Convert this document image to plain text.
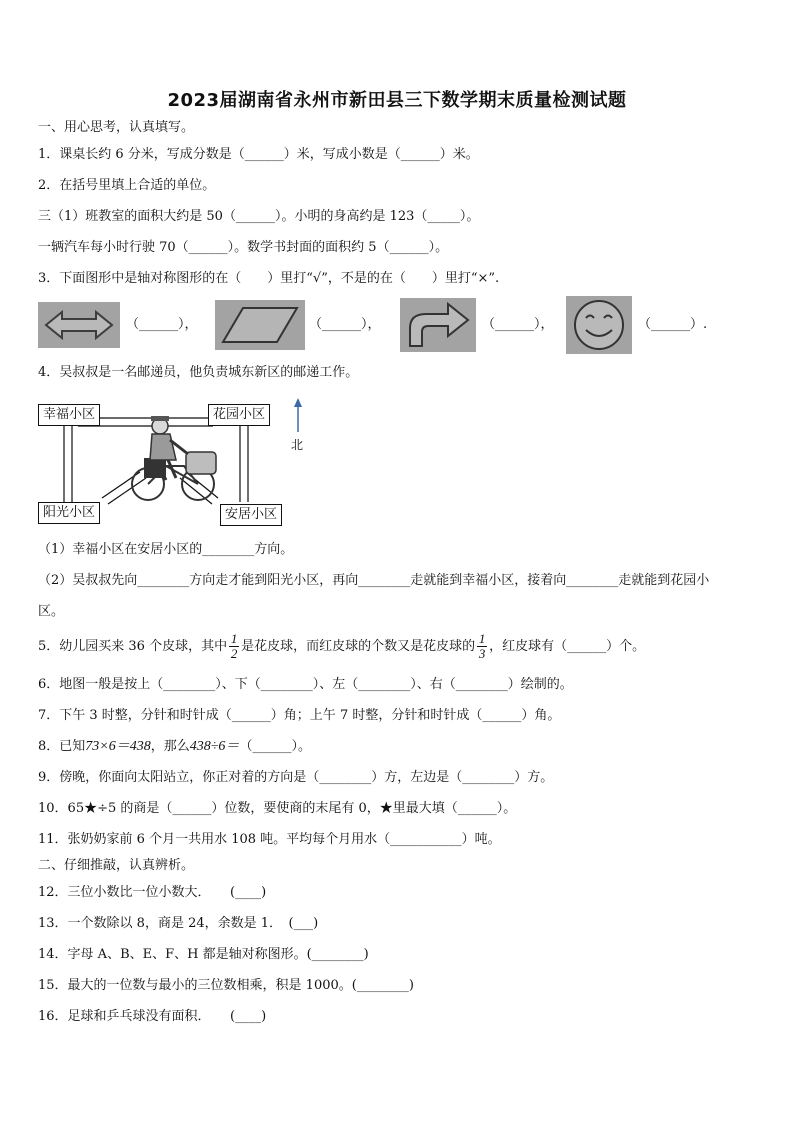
2023届湖南省永州市新田县三下数学期末质量检测试题
一、用心思考，认真填写。
1．课桌长约 6 分米，写成分数是（______）米，写成小数是（______）米。
2．在括号里填上合适的单位。
三（1）班教室的面积大约是 50（______）。小明的身高约是 123（_____）。
一辆汽车每小时行驶 70（______）。数学书封面的面积约 5（______）。
3．下面图形中是轴对称图形的在（　　）里打“√”，不是的在（　　）里打“×”.
（______），	（______），	（______），	（______）.
4．吴叔叔是一名邮递员，他负责城东新区的邮递工作。
幸福小区	花园小区
阳光小区	安居小区
北
（1）幸福小区在安居小区的________方向。
（2）吴叔叔先向________方向走才能到阳光小区，再向________走就能到幸福小区，接着向________走就能到花园小
区。
5．幼儿园买来 36 个皮球，其中 $\frac{1}{2}$ 是花皮球，而红皮球的个数又是花皮球的 $\frac{1}{3}$ ，红皮球有（______）个。
6．地图一般是按上（________）、下（________）、左（________）、右（________）绘制的。
7．下午 3 时整，分针和时针成（______）角；上午 7 时整，分针和时针成（______）角。
8．已知73×6＝438，那么438÷6＝（______）。
9．傍晚，你面向太阳站立，你正对着的方向是（________）方，左边是（________）方。
10．65★÷5 的商是（______）位数，要使商的末尾有 0，★里最大填（______）。
11．张奶奶家前 6 个月一共用水 108 吨。平均每个月用水（___________）吨。
二、仔细推敲，认真辨析。
12．三位小数比一位小数大．　　(____)
13．一个数除以 8，商是 24，余数是 1．　(___)
14．字母 A、B、E、F、H 都是轴对称图形。(________)
15．最大的一位数与最小的三位数相乘，积是 1000。(________)
16．足球和乒乓球没有面积．　　(____)
